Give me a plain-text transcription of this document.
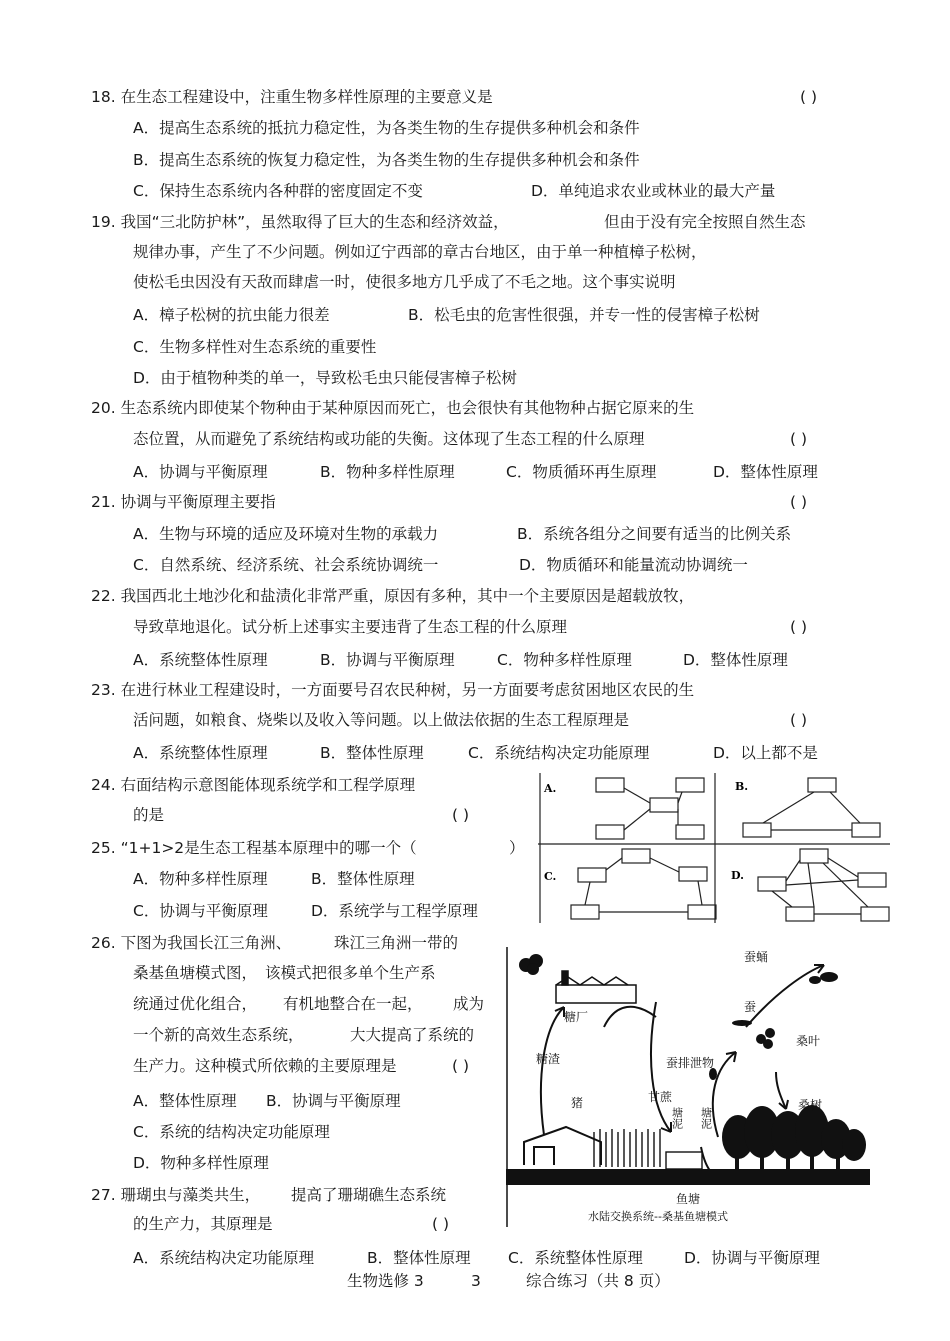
18. 在生态工程建设中，注重生物多样性原理的主要意义是	( )
A．提高生态系统的抵抗力稳定性，为各类生物的生存提供多种机会和条件
B．提高生态系统的恢复力稳定性，为各类生物的生存提供多种机会和条件
C．保持生态系统内各种群的密度固定不变	D．单纯追求农业或林业的最大产量
19. 我国“三北防护林”，虽然取得了巨大的生态和经济效益，	但由于没有完全按照自然生态
规律办事，产生了不少问题。例如辽宁西部的章古台地区，由于单一种植樟子松树，
使松毛虫因没有天敌而肆虐一时，使很多地方几乎成了不毛之地。这个事实说明
A．樟子松树的抗虫能力很差	B．松毛虫的危害性很强，并专一性的侵害樟子松树
C．生物多样性对生态系统的重要性
D．由于植物种类的单一，导致松毛虫只能侵害樟子松树
20. 生态系统内即使某个物种由于某种原因而死亡，也会很快有其他物种占据它原来的生
态位置，从而避免了系统结构或功能的失衡。这体现了生态工程的什么原理	( )
A．协调与平衡原理	B．物种多样性原理	C．物质循环再生原理	D．整体性原理
21. 协调与平衡原理主要指	( )
A．生物与环境的适应及环境对生物的承载力	B．系统各组分之间要有适当的比例关系
C．自然系统、经济系统、社会系统协调统一	D．物质循环和能量流动协调统一
22. 我国西北土地沙化和盐渍化非常严重，原因有多种，其中一个主要原因是超载放牧，
导致草地退化。试分析上述事实主要违背了生态工程的什么原理	( )
A．系统整体性原理	B．协调与平衡原理	C．物种多样性原理	D．整体性原理
23. 在进行林业工程建设时，一方面要号召农民种树，另一方面要考虑贫困地区农民的生
活问题，如粮食、烧柴以及收入等问题。以上做法依据的生态工程原理是	( )
A．系统整体性原理	B．整体性原理	C．系统结构决定功能原理	D．以上都不是
24. 右面结构示意图能体现系统学和工程学原理
的是	( )
25. “1+1>2是生态工程基本原理中的哪一个（	）
A．物种多样性原理	B．整体性原理
C．协调与平衡原理	D．系统学与工程学原理
26. 下图为我国长江三角洲、	珠江三角洲一带的
桑基鱼塘模式图， 该模式把很多单个生产系
统通过优化组合， 有机地整合在一起， 成为
一个新的高效生态系统，	大大提高了系统的
生产力。这种模式所依赖的主要原理是	( )
A．整体性原理 B．协调与平衡原理
C．系统的结构决定功能原理
D．物种多样性原理
27. 珊瑚虫与藻类共生， 提高了珊瑚礁生态系统
的生产力，其原理是	( )
A．系统结构决定功能原理	B．整体性原理 C．系统整体性原理	D．协调与平衡原理
生物选修 3	3	综合练习（共 8 页）
A.	B.
C.	D.
蚕蛹
蚕
糖厂
糖渣	蚕排泄物
桑叶
甘蔗
猪	桑树
鱼塘
水陆交换系统--桑基鱼塘模式
塘泥 塘泥
